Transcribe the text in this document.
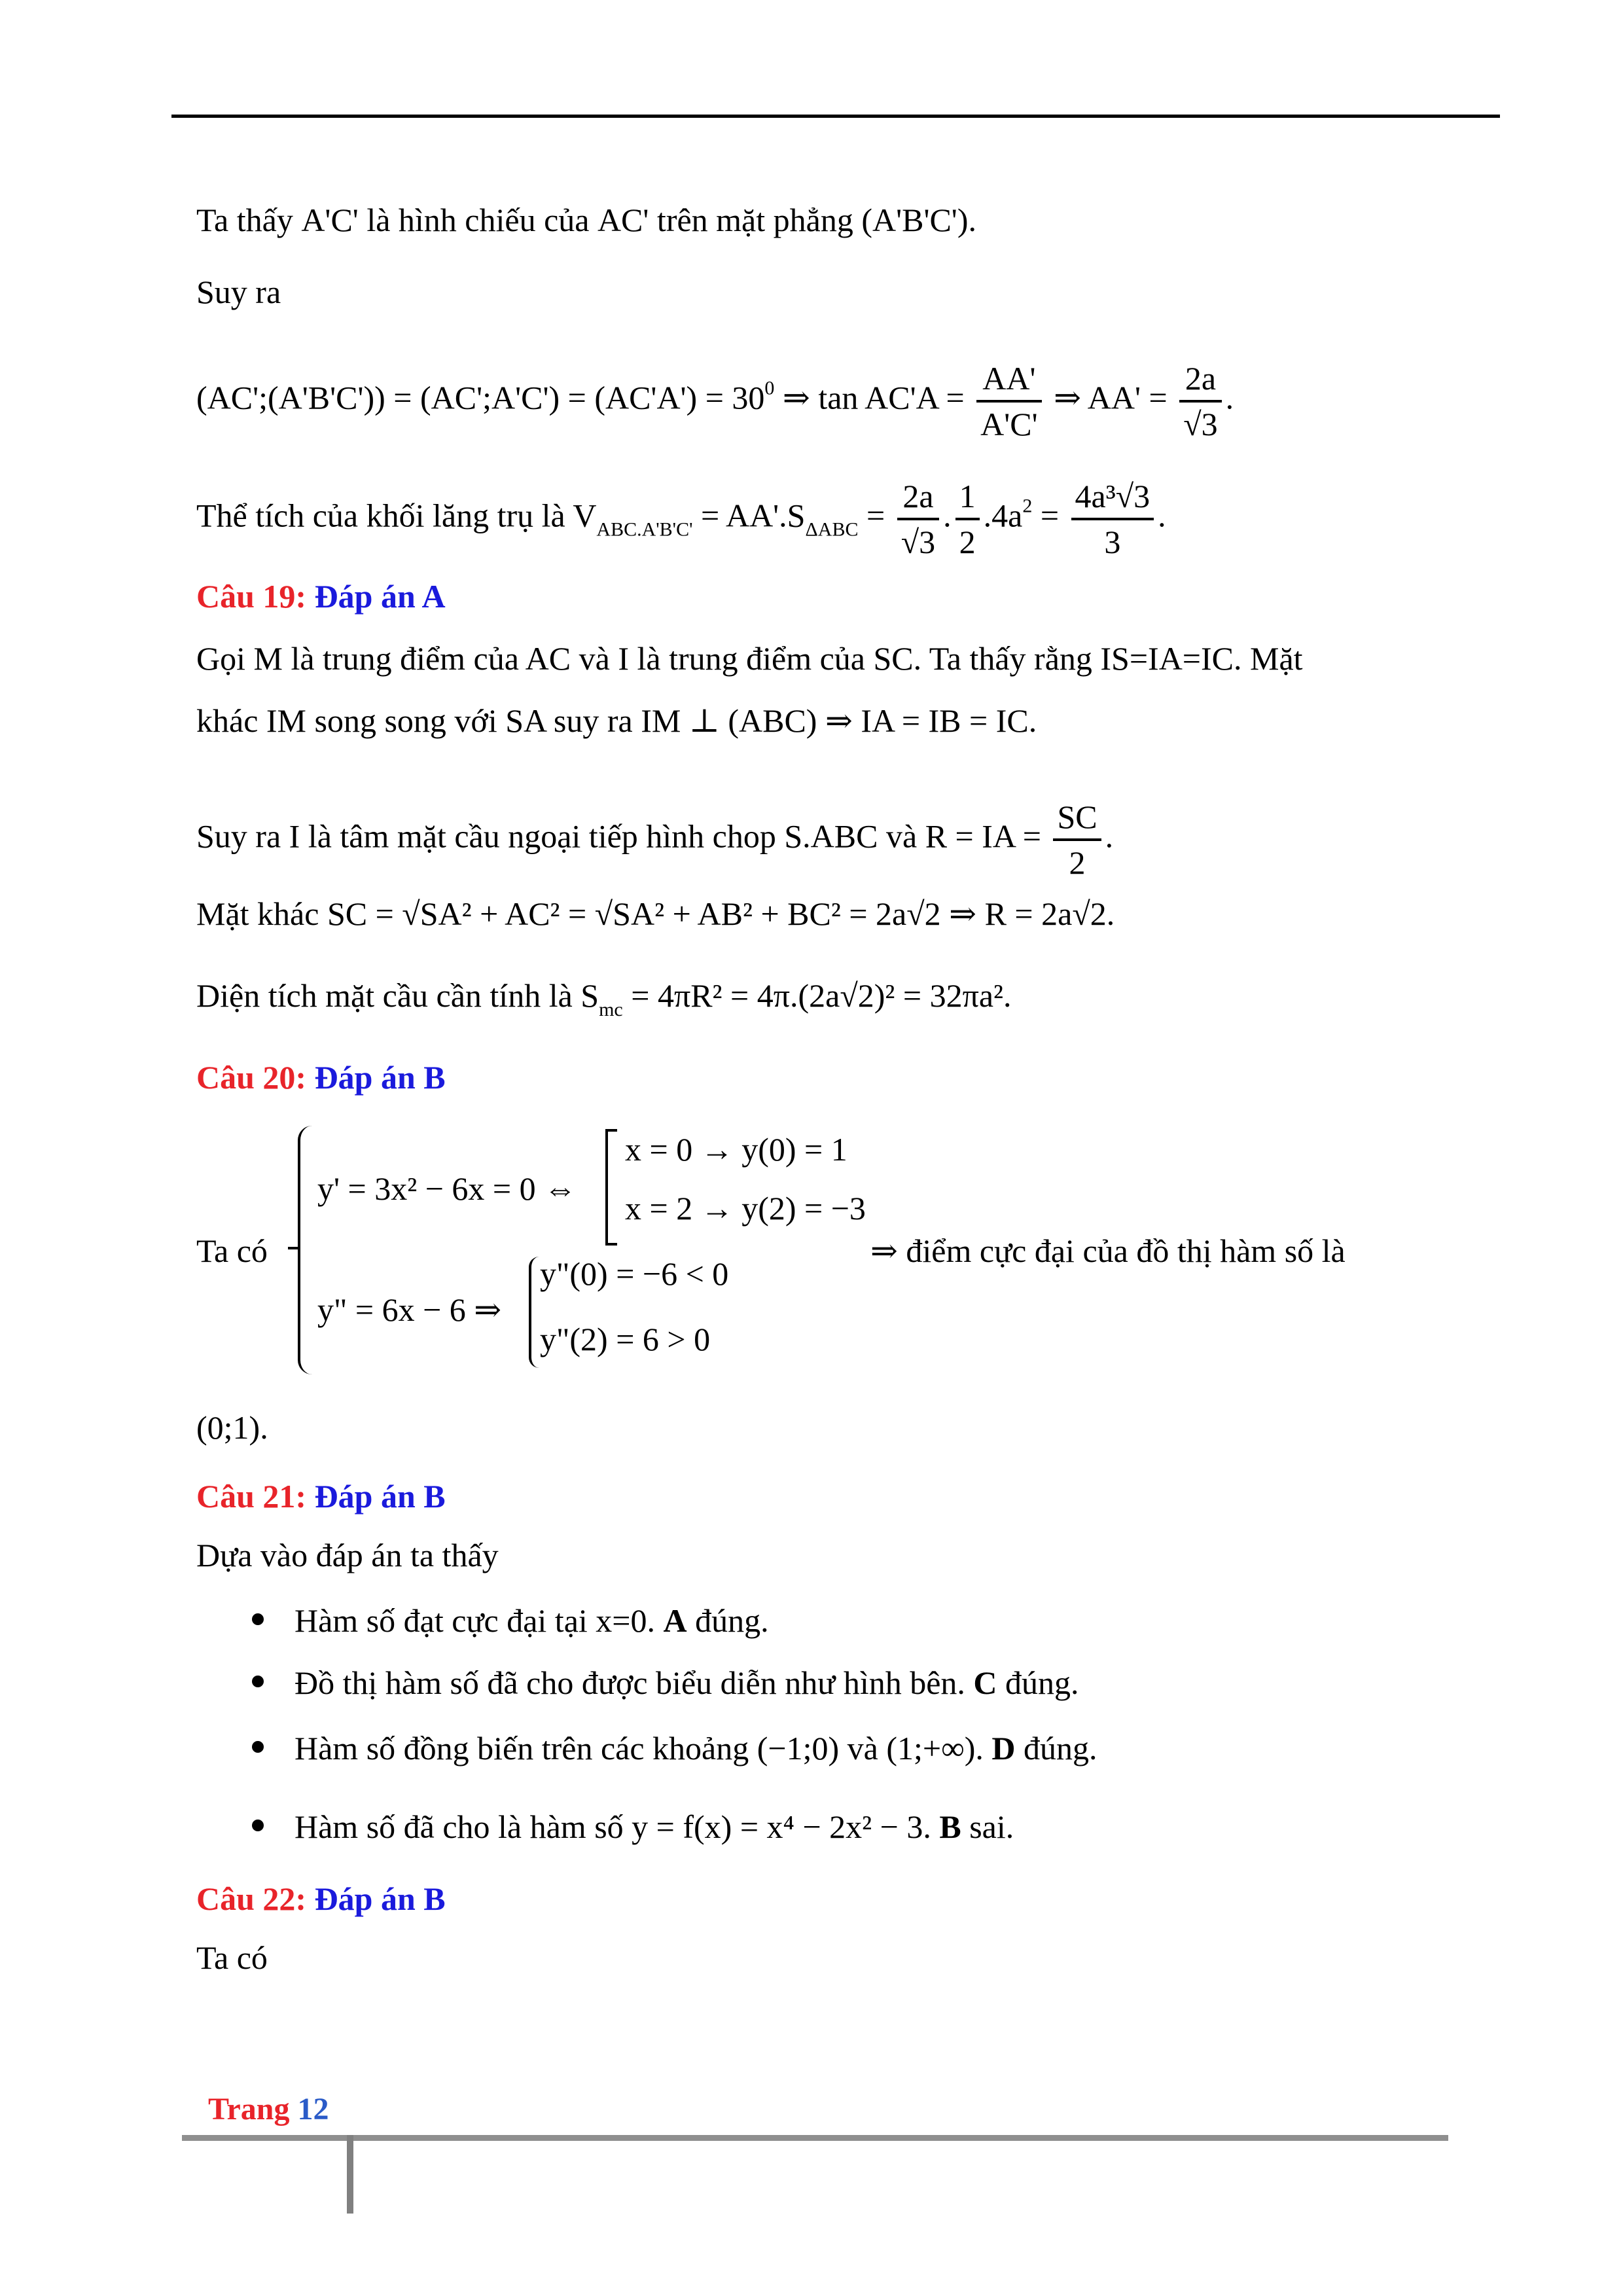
Ta thấy A'C' là hình chiếu của AC' trên mặt phẳng (A'B'C').
Suy ra
(AC';(A'B'C')) = (AC';A'C') = $(AC'A') = 30^0$ ⇒ $\tan AC'A = \frac{AA'}{A'C'}$ ⇒ $AA' = \frac{2a}{√3}$ .
Thể tích của khối lăng trụ là $V_{ABC.A'B'C'} = AA'.S_{\Delta ABC} = \frac{2a}{√3}$ . $\frac{1}{2} .4a^2 = \frac{\text{4a³√3}}{3}$ .
Câu 19: Đáp án A
Gọi M là trung điểm của AC và I là trung điểm của SC. Ta thấy rằng IS=IA=IC. Mặt
khác IM song song với SA suy ra IM ⊥ (ABC) ⇒ IA = IB = IC.
Suy ra I là tâm mặt cầu ngoại tiếp hình chop S.ABC và R = IA = $\frac{SC}{2}$ .
Mặt khác SC = √SA² + AC² = √SA² + AB² + BC² = 2a√2 ⇒ R = 2a√2.
Diện tích mặt cầu cần tính là $S_{mc} = 4\pi R^2 = 4\pi.(2a√2)^2 = 32\pi a^2$.
Câu 20: Đáp án B
Ta có
y' = 3x² − 6x = 0 ⇔
x = 0 → y(0) = 1
x = 2 → y(2) = −3
y" = 6x − 6 ⇒
y"(0) = −6 < 0
y"(2) = 6 > 0
⇒ điểm cực đại của đồ thị hàm số là
(0;1).
Câu 21: Đáp án B
Dựa vào đáp án ta thấy
Hàm số đạt cực đại tại x=0. A đúng.
Đồ thị hàm số đã cho được biểu diễn như hình bên. C đúng.
Hàm số đồng biến trên các khoảng (−1;0) và (1;+∞). D đúng.
Hàm số đã cho là hàm số y = f(x) = x⁴ − 2x² − 3. B sai.
Câu 22: Đáp án B
Ta có
Trang 12
